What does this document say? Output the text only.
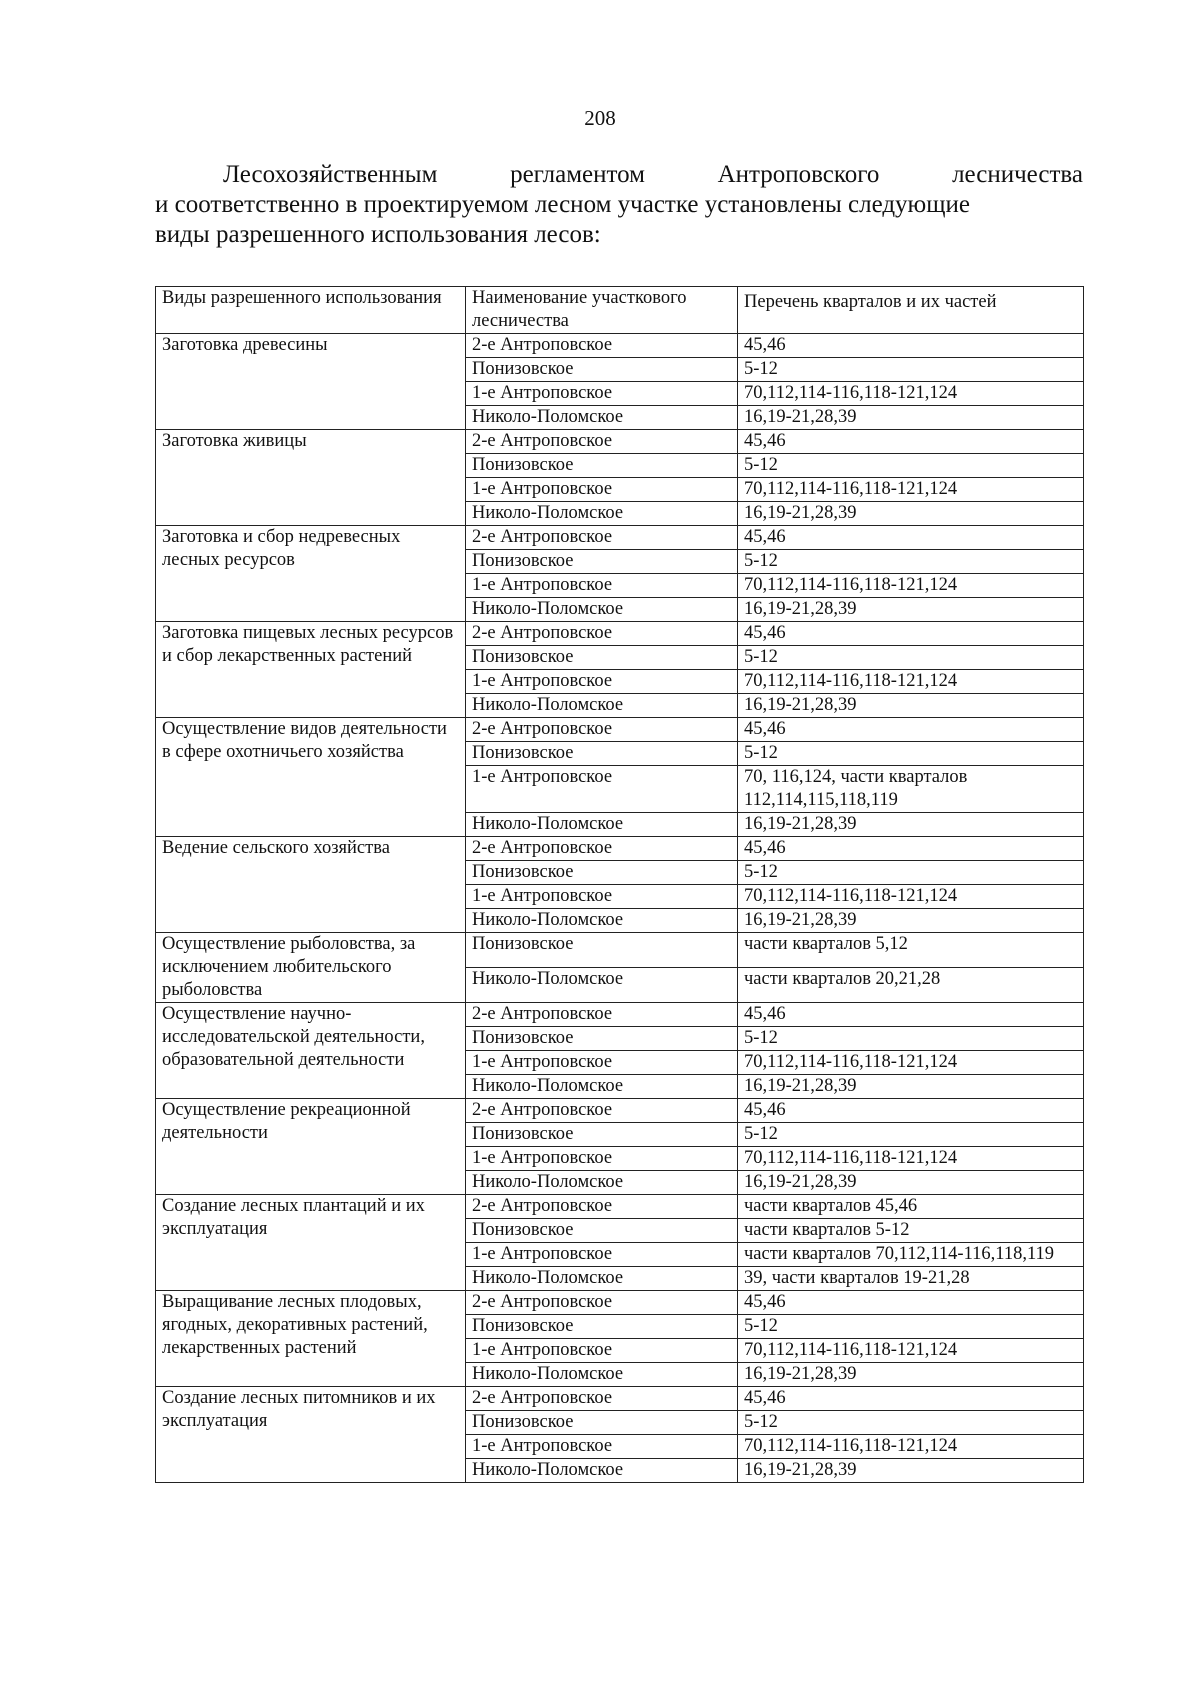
208
Лесохозяйственным	регламентом	Антроповского	лесничества
и соответственно в проектируемом лесном участке установлены следующие
виды разрешенного использования лесов:
Виды разрешенного использования	Наименование участкового лесничества	Перечень кварталов и их частей
Заготовка древесины	2-е Антроповское	45,46
	Понизовское	5-12
	1-е Антроповское	70,112,114-116,118-121,124
	Николо-Поломское	16,19-21,28,39
Заготовка живицы	2-е Антроповское	45,46
	Понизовское	5-12
	1-е Антроповское	70,112,114-116,118-121,124
	Николо-Поломское	16,19-21,28,39
Заготовка и сбор недревесных лесных ресурсов	2-е Антроповское	45,46
	Понизовское	5-12
	1-е Антроповское	70,112,114-116,118-121,124
	Николо-Поломское	16,19-21,28,39
Заготовка пищевых лесных ресурсов и сбор лекарственных растений	2-е Антроповское	45,46
	Понизовское	5-12
	1-е Антроповское	70,112,114-116,118-121,124
	Николо-Поломское	16,19-21,28,39
Осуществление видов деятельности в сфере охотничьего хозяйства	2-е Антроповское	45,46
	Понизовское	5-12
	1-е Антроповское	70, 116,124, части кварталов 112,114,115,118,119
	Николо-Поломское	16,19-21,28,39
Ведение сельского хозяйства	2-е Антроповское	45,46
	Понизовское	5-12
	1-е Антроповское	70,112,114-116,118-121,124
	Николо-Поломское	16,19-21,28,39
Осуществление рыболовства, за исключением любительского рыболовства	Понизовское	части кварталов 5,12
	Николо-Поломское	части кварталов 20,21,28
Осуществление научно-исследовательской деятельности, образовательной деятельности	2-е Антроповское	45,46
	Понизовское	5-12
	1-е Антроповское	70,112,114-116,118-121,124
	Николо-Поломское	16,19-21,28,39
Осуществление рекреационной деятельности	2-е Антроповское	45,46
	Понизовское	5-12
	1-е Антроповское	70,112,114-116,118-121,124
	Николо-Поломское	16,19-21,28,39
Создание лесных плантаций и их эксплуатация	2-е Антроповское	части кварталов 45,46
	Понизовское	части кварталов 5-12
	1-е Антроповское	части кварталов 70,112,114-116,118,119
	Николо-Поломское	39, части кварталов 19-21,28
Выращивание лесных плодовых, ягодных, декоративных растений, лекарственных растений	2-е Антроповское	45,46
	Понизовское	5-12
	1-е Антроповское	70,112,114-116,118-121,124
	Николо-Поломское	16,19-21,28,39
Создание лесных питомников и их эксплуатация	2-е Антроповское	45,46
	Понизовское	5-12
	1-е Антроповское	70,112,114-116,118-121,124
	Николо-Поломское	16,19-21,28,39
